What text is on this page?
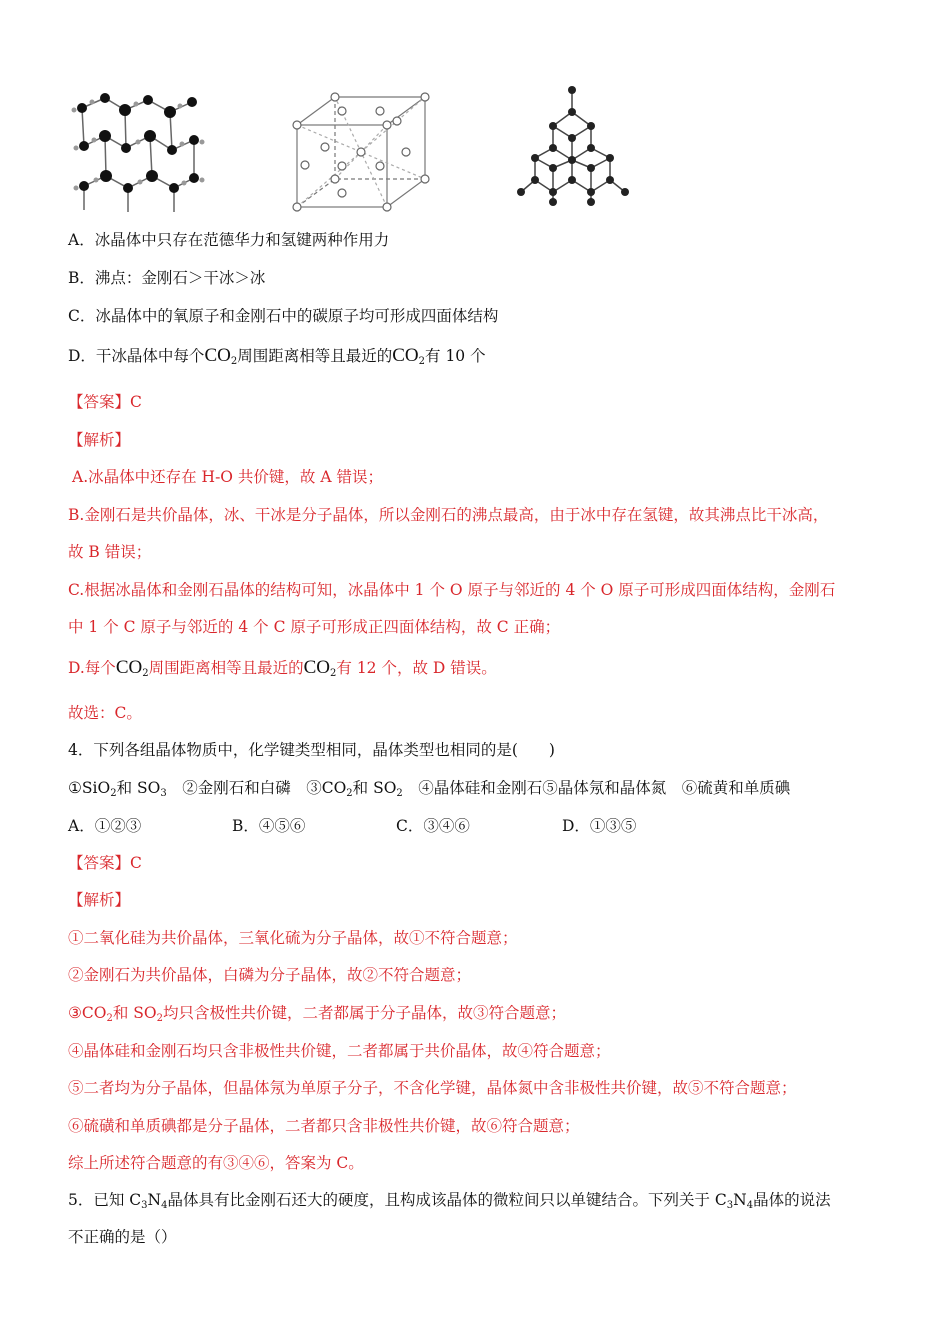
A．冰晶体中只存在范德华力和氢键两种作用力
B．沸点：金刚石＞干冰＞冰
C．冰晶体中的氧原子和金刚石中的碳原子均可形成四面体结构
D．干冰晶体中每个$CO_2$周围距离相等且最近的$CO_2$有 10 个
【答案】C
【解析】
A.冰晶体中还存在 H-O 共价键，故 A 错误；
B.金刚石是共价晶体，冰、干冰是分子晶体，所以金刚石的沸点最高，由于冰中存在氢键，故其沸点比干冰高，
故 B 错误；
C.根据冰晶体和金刚石晶体的结构可知，冰晶体中 1 个 O 原子与邻近的 4 个 O 原子可形成四面体结构，金刚石
中 1 个 C 原子与邻近的 4 个 C 原子可形成正四面体结构，故 C 正确；
D.每个$CO_2$周围距离相等且最近的$CO_2$有 12 个，故 D 错误。
故选：C。
4．下列各组晶体物质中，化学键类型相同，晶体类型也相同的是(　　)
①SiO$_2$和 $SO_3$　②金刚石和白磷　$③CO_2$和 $SO_2$　④晶体硅和金刚石⑤晶体氖和晶体氮　⑥硫黄和单质碘
A．①②③	B．④⑤⑥	C．③④⑥	D．①③⑤
【答案】C
【解析】
①二氧化硅为共价晶体，三氧化硫为分子晶体，故①不符合题意；
②金刚石为共价晶体，白磷为分子晶体，故②不符合题意；
$③CO_2$和 $SO_2$均只含极性共价键，二者都属于分子晶体，故③符合题意；
④晶体硅和金刚石均只含非极性共价键，二者都属于共价晶体，故④符合题意；
⑤二者均为分子晶体，但晶体氖为单原子分子，不含化学键，晶体氮中含非极性共价键，故⑤不符合题意；
⑥硫磺和单质碘都是分子晶体，二者都只含非极性共价键，故⑥符合题意；
综上所述符合题意的有③④⑥，答案为 C。
5．已知 $C_3N_4$晶体具有比金刚石还大的硬度，且构成该晶体的微粒间只以单键结合。下列关于 $C_3N_4$晶体的说法
不正确的是（）
